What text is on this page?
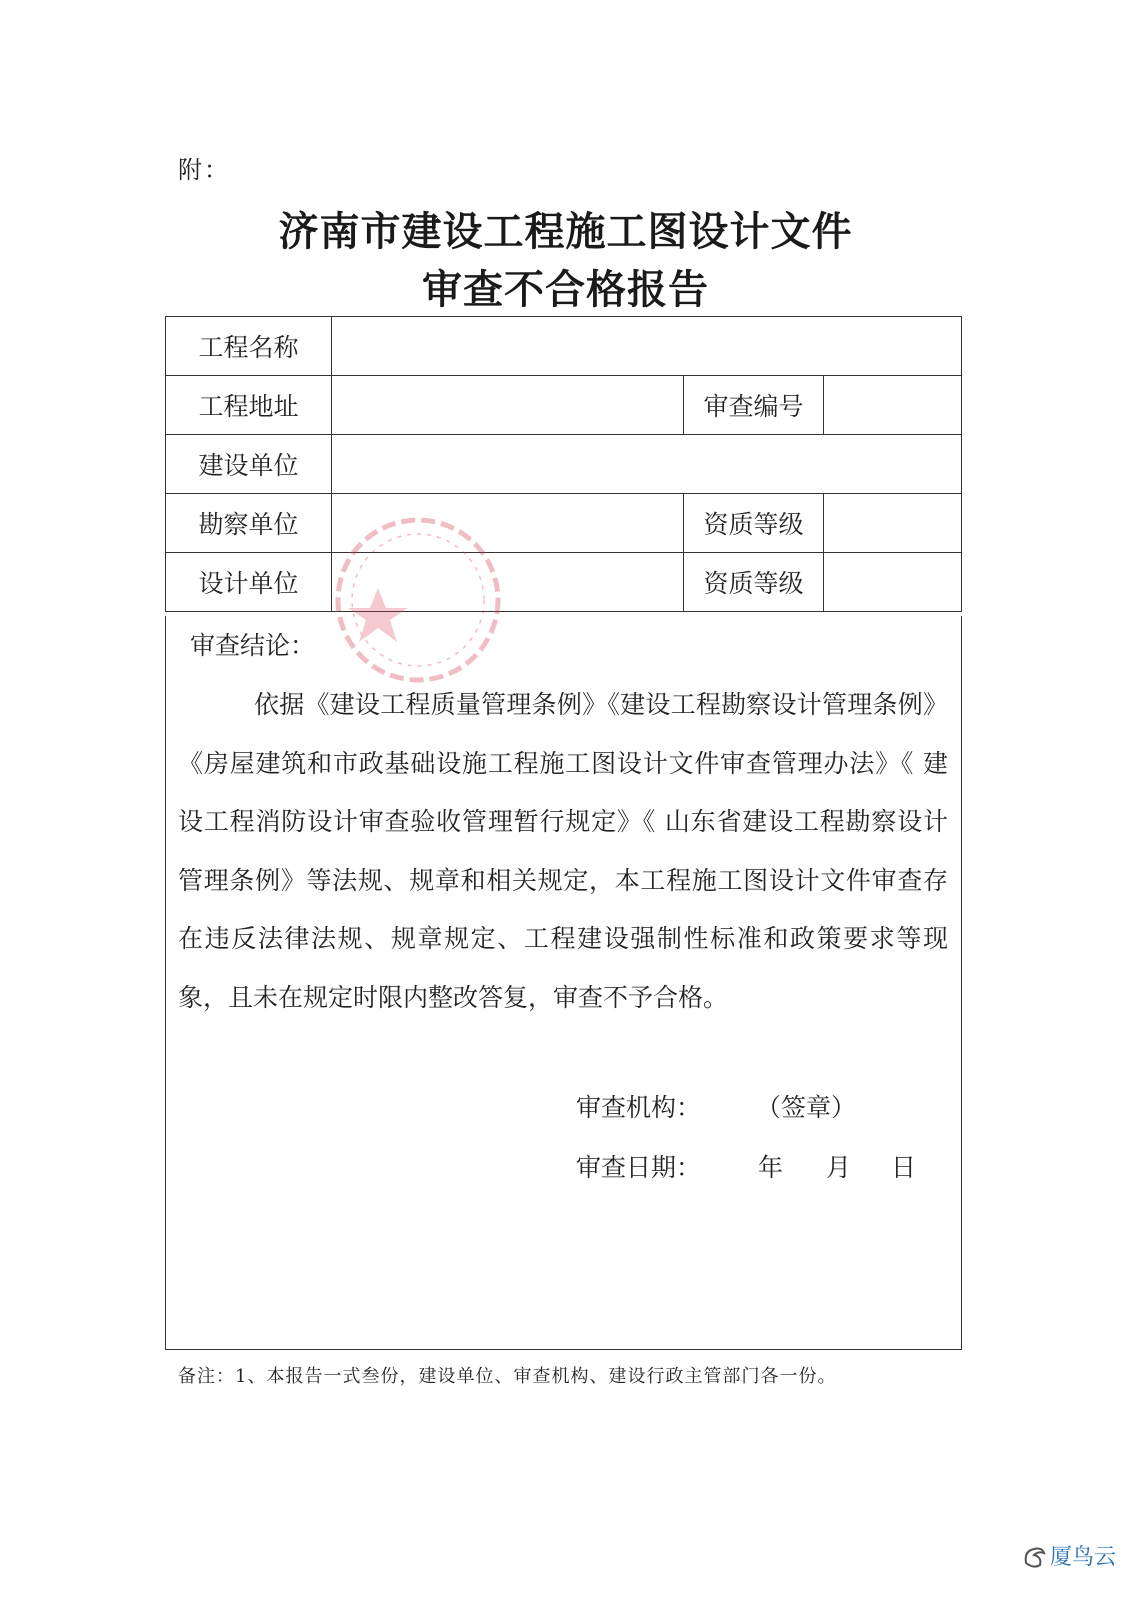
附：
济南市建设工程施工图设计文件
审查不合格报告
工程名称			
工程地址		审查编号	
建设单位			
勘察单位		资质等级	
设计单位		资质等级	
审查结论：
依据《建设工程质量管理条例》《建设工程勘察设计管理条例》《房屋建筑和市政基础设施工程施工图设计文件审查管理办法》《 建设工程消防设计审查验收管理暂行规定》《 山东省建设工程勘察设计管理条例》等法规、规章和相关规定，本工程施工图设计文件审查存在违反法律法规、规章规定、工程建设强制性标准和政策要求等现象，且未在规定时限内整改答复，审查不予合格。
审查机构： （签章）
审查日期： 年 月 日
备注：1、本报告一式叁份，建设单位、审查机构、建设行政主管部门各一份。
厦鸟云
